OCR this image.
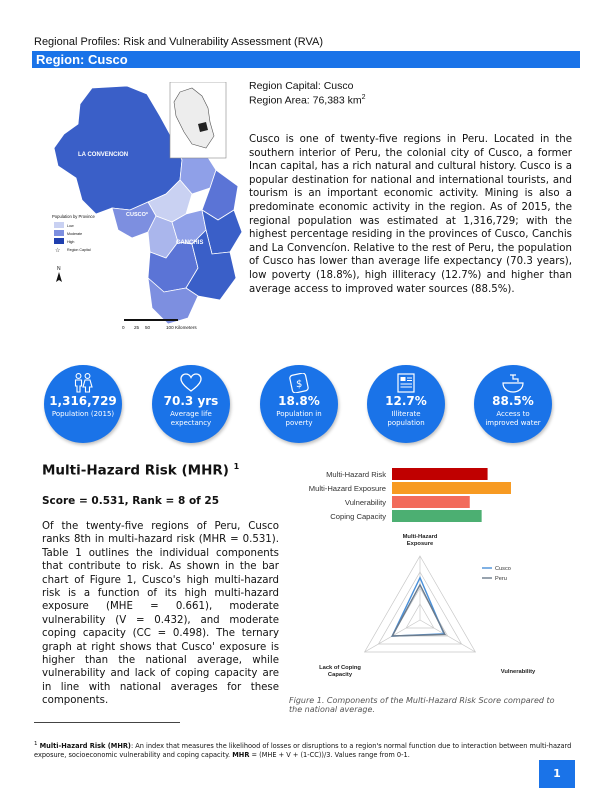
Regional Profiles: Risk and Vulnerability Assessment (RVA)
Region: Cusco
LA CONVENCION
CUSCO*
CANCHIS
Population by Province
Low
Moderate
High
☆ Region Capital
N
0 25 50	100 Kilometers
Region Capital: Cusco
Region Area: 76,383 $km^2$
Cusco is one of twenty-five regions in Peru. Located in the southern interior of Peru, the colonial city of Cusco, a former Incan capital, has a rich natural and cultural history. Cusco is a popular destination for national and international tourists, and tourism is an important economic activity. Mining is also a predominate economic activity in the region. As of 2015, the regional population was estimated at 1,316,729; with the highest percentage residing in the provinces of Cusco, Canchis and La Convencíon. Relative to the rest of Peru, the population of Cusco has lower than average life expectancy (70.3 years), low poverty (18.8%), high illiteracy (12.7%) and higher than average access to improved water sources (88.5%).
1,316,729
Population (2015)
70.3 yrs
Average life expectancy
$
18.8%
Population in poverty
12.7%
Illiterate population
88.5%
Access to improved water
Multi-Hazard Risk (MHR) $^1$
Score = 0.531, Rank = 8 of 25
Of the twenty-five regions of Peru, Cusco ranks 8th in multi-hazard risk (MHR = 0.531). Table 1 outlines the individual components that contribute to risk. As shown in the bar chart of Figure 1, Cusco's high multi-hazard risk is a function of its high multi-hazard exposure (MHE = 0.661), moderate vulnerability (V = 0.432), and moderate coping capacity (CC = 0.498). The ternary graph at right shows that Cusco' exposure is higher than the national average, while vulnerability and lack of coping capacity are in line with national averages for these components.
Multi-Hazard Risk
Multi-Hazard Exposure
Vulnerability
Coping Capacity
Multi-Hazard Exposure
Vulnerability
Lack of Coping Capacity
Cusco
Peru
Figure 1. Components of the Multi-Hazard Risk Score compared to the national average.
$^1$ Multi-Hazard Risk (MHR): An index that measures the likelihood of losses or disruptions to a region's normal function due to interaction between multi-hazard exposure, socioeconomic vulnerability and coping capacity. MHR = (MHE + V + (1-CC))/3. Values range from 0-1.
1
